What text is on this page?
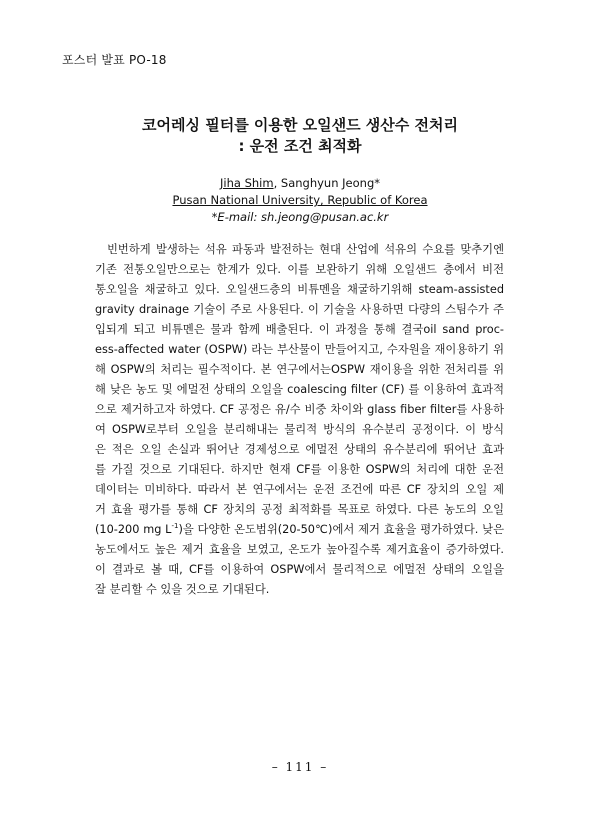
포스터 발표 PO-18
코어레싱 필터를 이용한 오일샌드 생산수 전처리
: 운전 조건 최적화
Jiha Shim, Sanghyun Jeong*
Pusan National University, Republic of Korea
*E-mail: sh.jeong@pusan.ac.kr
빈번하게 발생하는 석유 파동과 발전하는 현대 산업에 석유의 수요를 맞추기엔
기존 전통오일만으로는 한계가 있다. 이를 보완하기 위해 오일샌드 층에서 비전
통오일을 채굴하고 있다. 오일샌드층의 비튜멘을 채굴하기위해 steam-assisted
gravity drainage 기술이 주로 사용된다. 이 기술을 사용하면 다량의 스팀수가 주
입되게 되고 비튜멘은 물과 함께 배출된다. 이 과정을 통해 결국oil sand proc-
ess-affected water (OSPW) 라는 부산물이 만들어지고, 수자원을 재이용하기 위
해 OSPW의 처리는 필수적이다. 본 연구에서는OSPW 재이용을 위한 전처리를 위
해 낮은 농도 및 에멀전 상태의 오일을 coalescing filter (CF) 를 이용하여 효과적
으로 제거하고자 하였다. CF 공정은 유/수 비중 차이와 glass fiber filter를 사용하
여 OSPW로부터 오일을 분리해내는 물리적 방식의 유수분리 공정이다. 이 방식
은 적은 오일 손실과 뛰어난 경제성으로 에멀전 상태의 유수분리에 뛰어난 효과
를 가질 것으로 기대된다. 하지만 현재 CF를 이용한 OSPW의 처리에 대한 운전
데이터는 미비하다. 따라서 본 연구에서는 운전 조건에 따른 CF 장치의 오일 제
거 효율 평가를 통해 CF 장치의 공정 최적화를 목표로 하였다. 다른 농도의 오일
(10-200 mg $L^{-1}$)을 다양한 온도범위(20-50℃)에서 제거 효율을 평가하였다. 낮은
농도에서도 높은 제거 효율을 보였고, 온도가 높아질수록 제거효율이 증가하였다.
이 결과로 볼 때, CF를 이용하여 OSPW에서 물리적으로 에멀전 상태의 오일을
잘 분리할 수 있을 것으로 기대된다.
– 111 –
